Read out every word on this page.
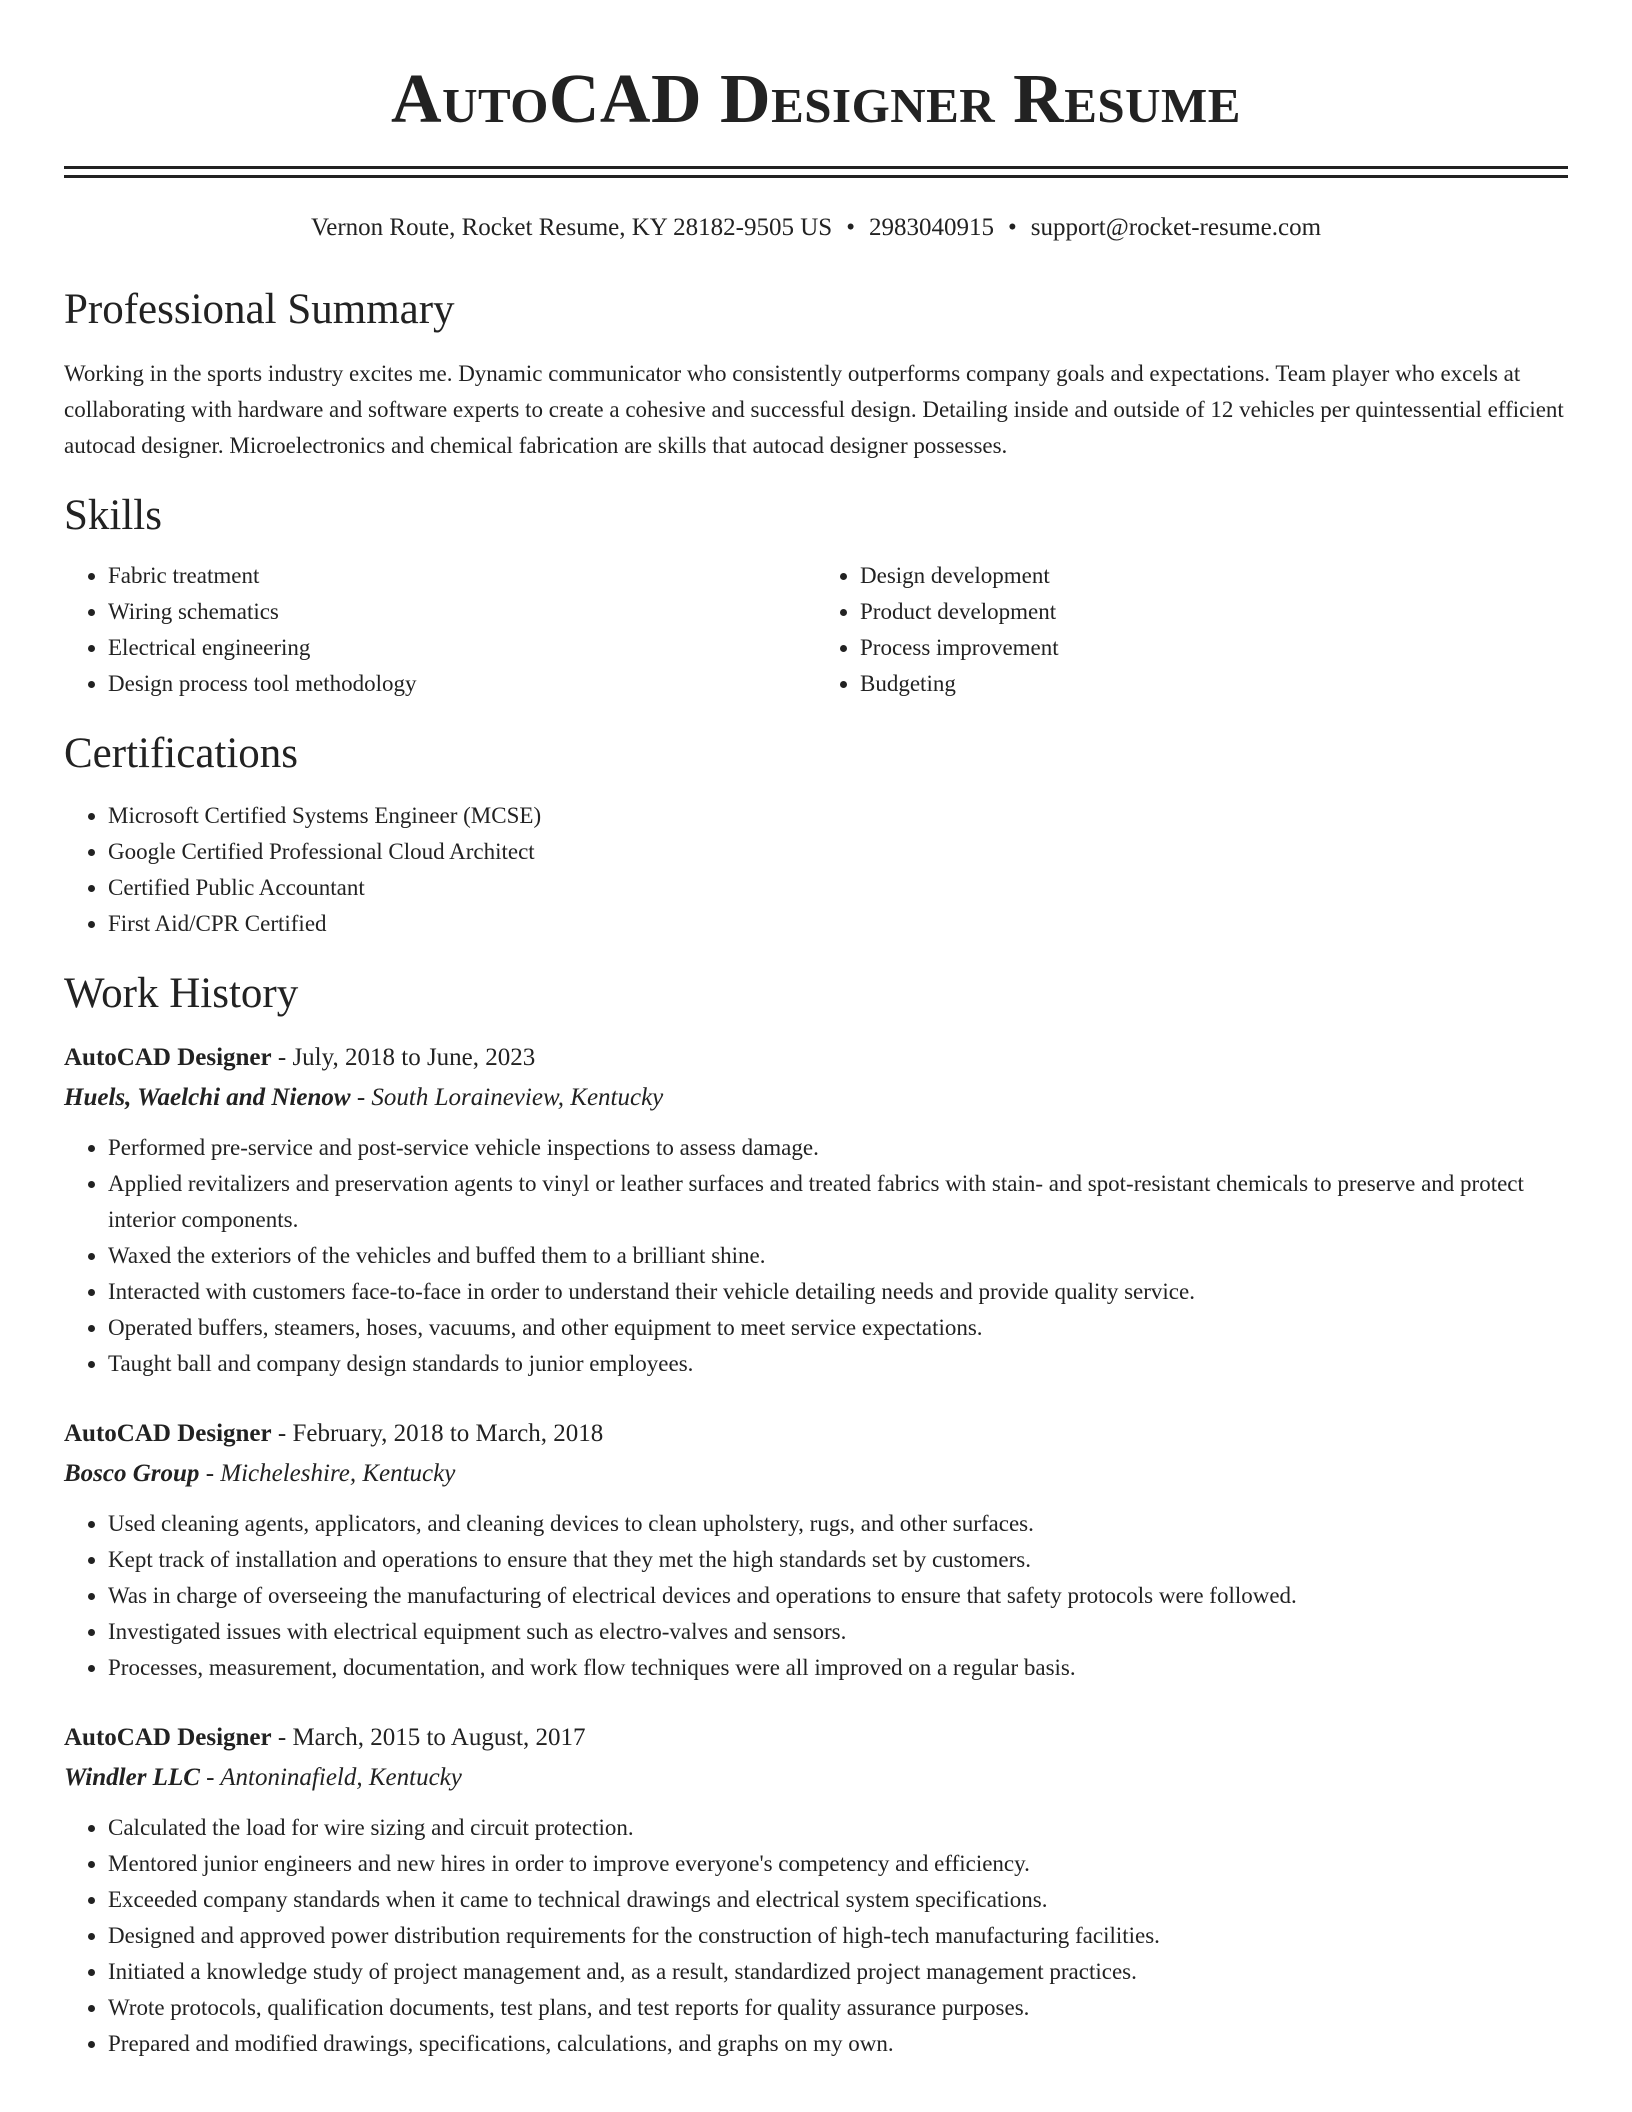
AutoCAD Designer Resume
Vernon Route, Rocket Resume, KY 28182-9505 US • 2983040915 • support@rocket-resume.com
Professional Summary

Working in the sports industry excites me. Dynamic communicator who consistently outperforms company goals and expectations. Team player who excels at collaborating with hardware and software experts to create a cohesive and successful design. Detailing inside and outside of 12 vehicles per quintessential efficient autocad designer. Microelectronics and chemical fabrication are skills that autocad designer possesses.

Skills
• Fabric treatment
• Wiring schematics
• Electrical engineering
• Design process tool methodology
• Design development
• Product development
• Process improvement
• Budgeting
Certifications
• Microsoft Certified Systems Engineer (MCSE)
• Google Certified Professional Cloud Architect
• Certified Public Accountant
• First Aid/CPR Certified
Work History
AutoCAD Designer - July, 2018 to June, 2023
Huels, Waelchi and Nienow - South Loraineview, Kentucky
• Performed pre-service and post-service vehicle inspections to assess damage.
• Applied revitalizers and preservation agents to vinyl or leather surfaces and treated fabrics with stain- and spot-resistant chemicals to preserve and protect interior components.
• Waxed the exteriors of the vehicles and buffed them to a brilliant shine.
• Interacted with customers face-to-face in order to understand their vehicle detailing needs and provide quality service.
• Operated buffers, steamers, hoses, vacuums, and other equipment to meet service expectations.
• Taught ball and company design standards to junior employees.
AutoCAD Designer - February, 2018 to March, 2018
Bosco Group - Micheleshire, Kentucky
• Used cleaning agents, applicators, and cleaning devices to clean upholstery, rugs, and other surfaces.
• Kept track of installation and operations to ensure that they met the high standards set by customers.
• Was in charge of overseeing the manufacturing of electrical devices and operations to ensure that safety protocols were followed.
• Investigated issues with electrical equipment such as electro-valves and sensors.
• Processes, measurement, documentation, and work flow techniques were all improved on a regular basis.
AutoCAD Designer - March, 2015 to August, 2017
Windler LLC - Antoninafield, Kentucky
• Calculated the load for wire sizing and circuit protection.
• Mentored junior engineers and new hires in order to improve everyone's competency and efficiency.
• Exceeded company standards when it came to technical drawings and electrical system specifications.
• Designed and approved power distribution requirements for the construction of high-tech manufacturing facilities.
• Initiated a knowledge study of project management and, as a result, standardized project management practices.
• Wrote protocols, qualification documents, test plans, and test reports for quality assurance purposes.
• Prepared and modified drawings, specifications, calculations, and graphs on my own.
